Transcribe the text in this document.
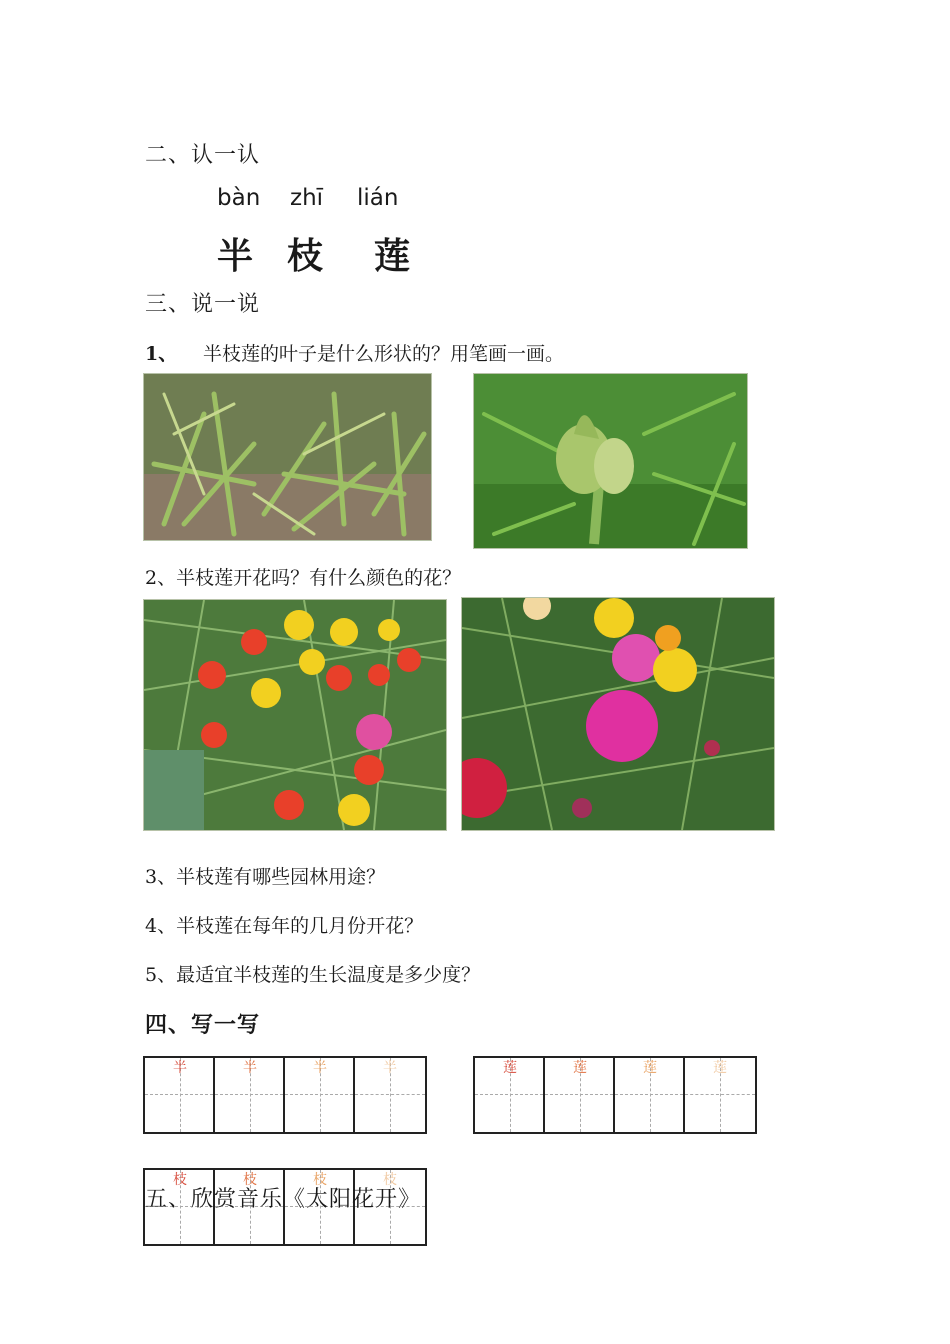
二、认一认
bàn zhī lián
半 枝 莲
三、说一说
1、 半枝莲的叶子是什么形状的？用笔画一画。
2、半枝莲开花吗？有什么颜色的花？
3、半枝莲有哪些园林用途？
4、半枝莲在每年的几月份开花？
5、最适宜半枝莲的生长温度是多少度？
四、写一写
半	半	半	半	莲	莲	莲	莲
枝	枝	枝	枝
五、欣赏音乐《太阳花开》
